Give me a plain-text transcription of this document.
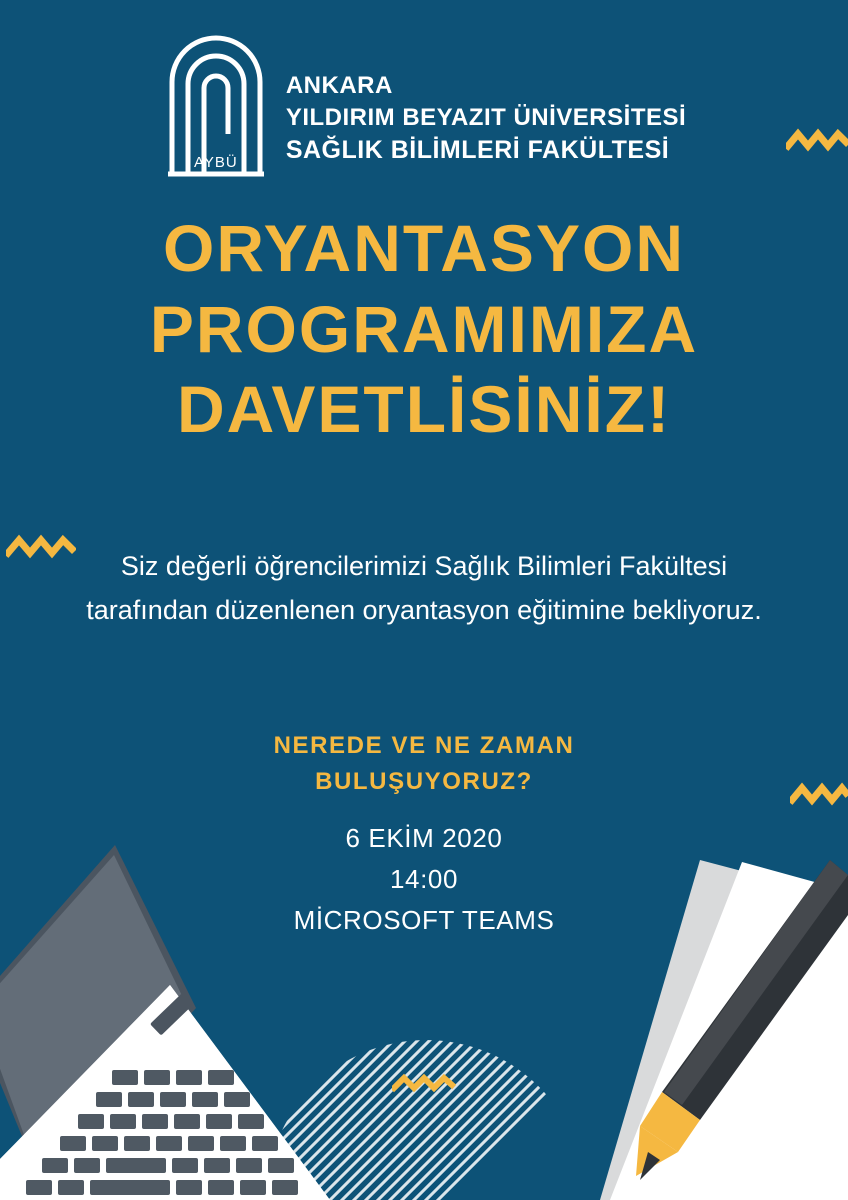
AYBÜ
ANKARA
YILDIRIM BEYAZIT ÜNİVERSİTESİ
SAĞLIK BİLİMLERİ FAKÜLTESİ
ORYANTASYON
PROGRAMIMIZA
DAVETLİSİNİZ!
Siz değerli öğrencilerimizi Sağlık Bilimleri Fakültesi tarafından düzenlenen oryantasyon eğitimine bekliyoruz.
NEREDE VE NE ZAMAN
BULUŞUYORUZ?
6 EKİM 2020
14:00
MİCROSOFT TEAMS
